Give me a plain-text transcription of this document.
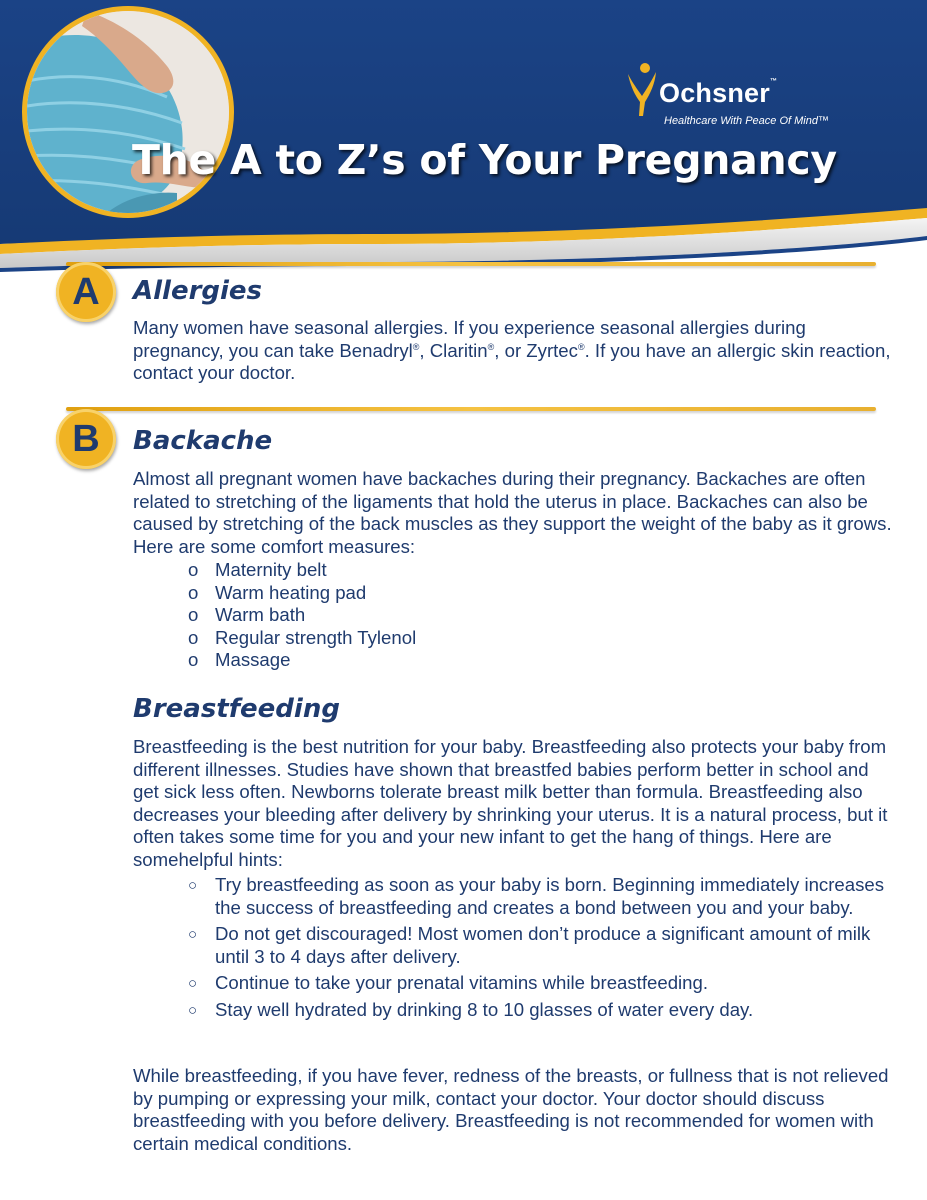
Ochsner™
Healthcare With Peace Of Mind™
The A to Z’s of Your Pregnancy
A	Allergies

Many women have seasonal allergies. If you experience seasonal allergies during pregnancy, you can take Benadryl®, Claritin®, or Zyrtec®. If you have an allergic skin reaction, contact your doctor.

B	Backache

Almost all pregnant women have backaches during their pregnancy. Backaches are often related to stretching of the ligaments that hold the uterus in place. Backaches can also be caused by stretching of the back muscles as they support the weight of the baby as it grows. Here are some comfort measures:

o Maternity belt
o Warm heating pad
o Warm bath
o Regular strength Tylenol
o Massage
Breastfeeding

Breastfeeding is the best nutrition for your baby. Breastfeeding also protects your baby from different illnesses. Studies have shown that breastfed babies perform better in school and get sick less often. Newborns tolerate breast milk better than formula. Breastfeeding also decreases your bleeding after delivery by shrinking your uterus. It is a natural process, but it often takes some time for you and your new infant to get the hang of things. Here are somehelpful hints:

○ Try breastfeeding as soon as your baby is born. Beginning immediately increases the success of breastfeeding and creates a bond between you and your baby.
○ Do not get discouraged! Most women don’t produce a significant amount of milk until 3 to 4 days after delivery.
○ Continue to take your prenatal vitamins while breastfeeding.
○ Stay well hydrated by drinking 8 to 10 glasses of water every day.

While breastfeeding, if you have fever, redness of the breasts, or fullness that is not relieved by pumping or expressing your milk, contact your doctor. Your doctor should discuss breastfeeding with you before delivery. Breastfeeding is not recommended for women with certain medical conditions.
